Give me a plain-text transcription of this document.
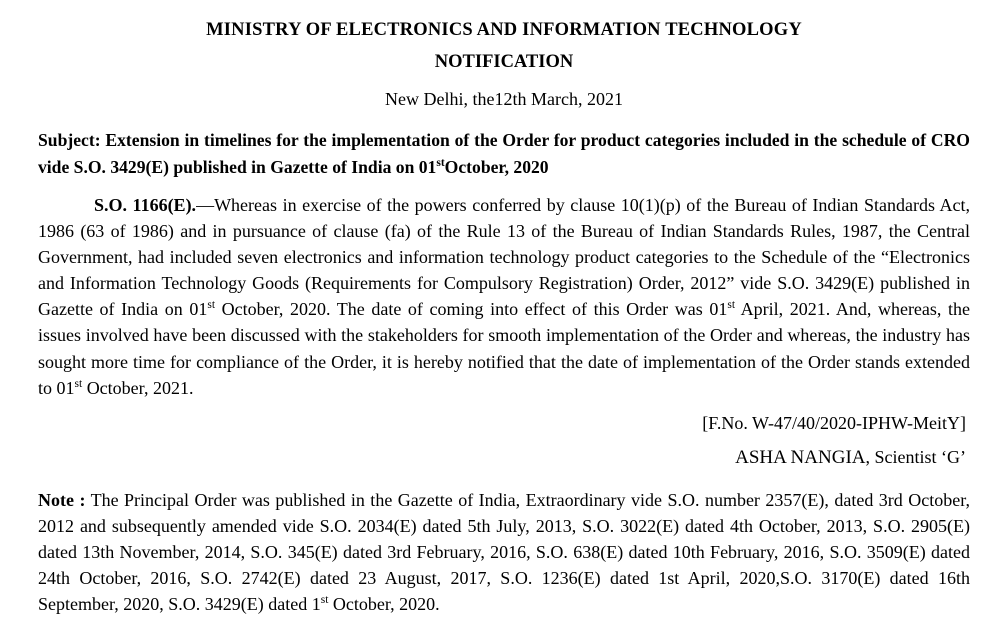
MINISTRY OF ELECTRONICS AND INFORMATION TECHNOLOGY
NOTIFICATION
New Delhi, the12th March, 2021
Subject: Extension in timelines for the implementation of the Order for product categories included in the schedule of CRO vide S.O. 3429(E) published in Gazette of India on 01stOctober, 2020
S.O. 1166(E).—Whereas in exercise of the powers conferred by clause 10(1)(p) of the Bureau of Indian Standards Act, 1986 (63 of 1986) and in pursuance of clause (fa) of the Rule 13 of the Bureau of Indian Standards Rules, 1987, the Central Government, had included seven electronics and information technology product categories to the Schedule of the “Electronics and Information Technology Goods (Requirements for Compulsory Registration) Order, 2012” vide S.O. 3429(E) published in Gazette of India on 01st October, 2020. The date of coming into effect of this Order was 01st April, 2021. And, whereas, the issues involved have been discussed with the stakeholders for smooth implementation of the Order and whereas, the industry has sought more time for compliance of the Order, it is hereby notified that the date of implementation of the Order stands extended to 01st October, 2021.
[F.No. W-47/40/2020-IPHW-MeitY]
ASHA NANGIA, Scientist ‘G’
Note : The Principal Order was published in the Gazette of India, Extraordinary vide S.O. number 2357(E), dated 3rd October, 2012 and subsequently amended vide S.O. 2034(E) dated 5th July, 2013, S.O. 3022(E) dated 4th October, 2013, S.O. 2905(E) dated 13th November, 2014, S.O. 345(E) dated 3rd February, 2016, S.O. 638(E) dated 10th February, 2016, S.O. 3509(E) dated 24th October, 2016, S.O. 2742(E) dated 23 August, 2017, S.O. 1236(E) dated 1st April, 2020,S.O. 3170(E) dated 16th September, 2020, S.O. 3429(E) dated 1st October, 2020.
